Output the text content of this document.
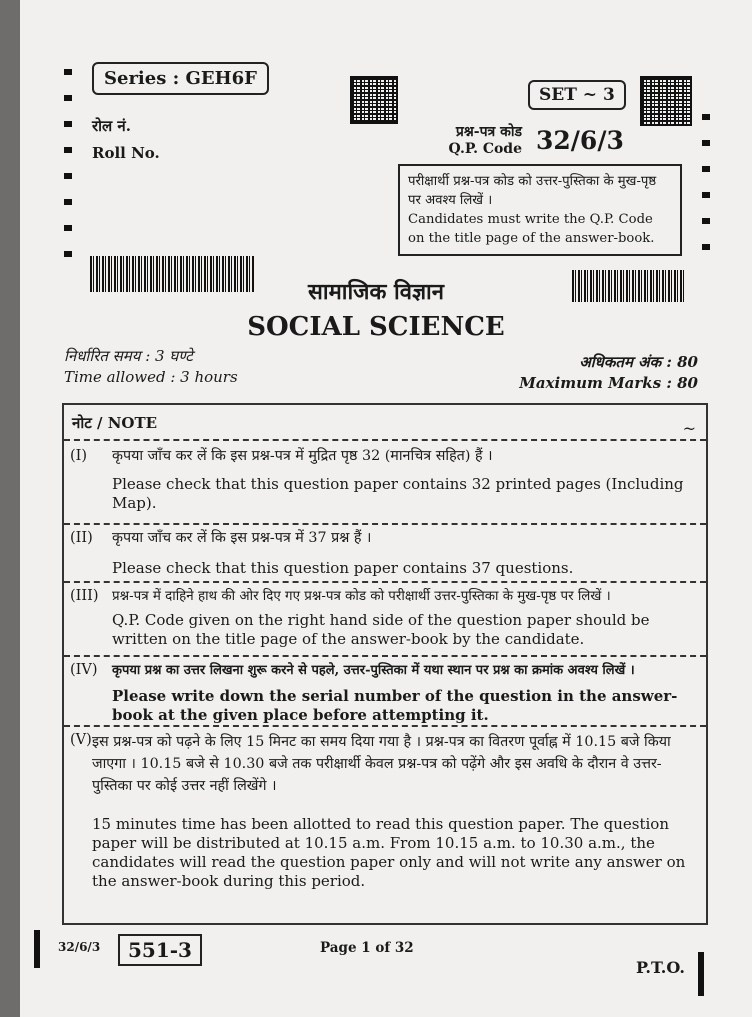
Series : GEH6F
SET ~ 3
रोल नं.
Roll No.
प्रश्न-पत्र कोड
Q.P. Code 32/6/3
परीक्षार्थी प्रश्न-पत्र कोड को उत्तर-पुस्तिका के मुख-पृष्ठ पर अवश्य लिखें ।
Candidates must write the Q.P. Code on the title page of the answer-book.
सामाजिक विज्ञान
SOCIAL SCIENCE
निर्धारित समय : 3 घण्टे
Time allowed : 3 hours
अधिकतम अंक : 80
Maximum Marks : 80
नोट / NOTE	~
(I) कृपया जाँच कर लें कि इस प्रश्न-पत्र में मुद्रित पृष्ठ 32 (मानचित्र सहित) हैं ।
Please check that this question paper contains 32 printed pages (Including Map).
(II) कृपया जाँच कर लें कि इस प्रश्न-पत्र में 37 प्रश्न हैं ।
Please check that this question paper contains 37 questions.
(III) प्रश्न-पत्र में दाहिने हाथ की ओर दिए गए प्रश्न-पत्र कोड को परीक्षार्थी उत्तर-पुस्तिका के मुख-पृष्ठ पर लिखें ।
Q.P. Code given on the right hand side of the question paper should be written on the title page of the answer-book by the candidate.
(IV) कृपया प्रश्न का उत्तर लिखना शुरू करने से पहले, उत्तर-पुस्तिका में यथा स्थान पर प्रश्न का क्रमांक अवश्य लिखें ।
Please write down the serial number of the question in the answer-book at the given place before attempting it.
(V) इस प्रश्न-पत्र को पढ़ने के लिए 15 मिनट का समय दिया गया है । प्रश्न-पत्र का वितरण पूर्वाह्न में 10.15 बजे किया जाएगा । 10.15 बजे से 10.30 बजे तक परीक्षार्थी केवल प्रश्न-पत्र को पढ़ेंगे और इस अवधि के दौरान वे उत्तर-पुस्तिका पर कोई उत्तर नहीं लिखेंगे ।
15 minutes time has been allotted to read this question paper. The question paper will be distributed at 10.15 a.m. From 10.15 a.m. to 10.30 a.m., the candidates will read the question paper only and will not write any answer on the answer-book during this period.
32/6/3	551-3	Page 1 of 32
P.T.O.
